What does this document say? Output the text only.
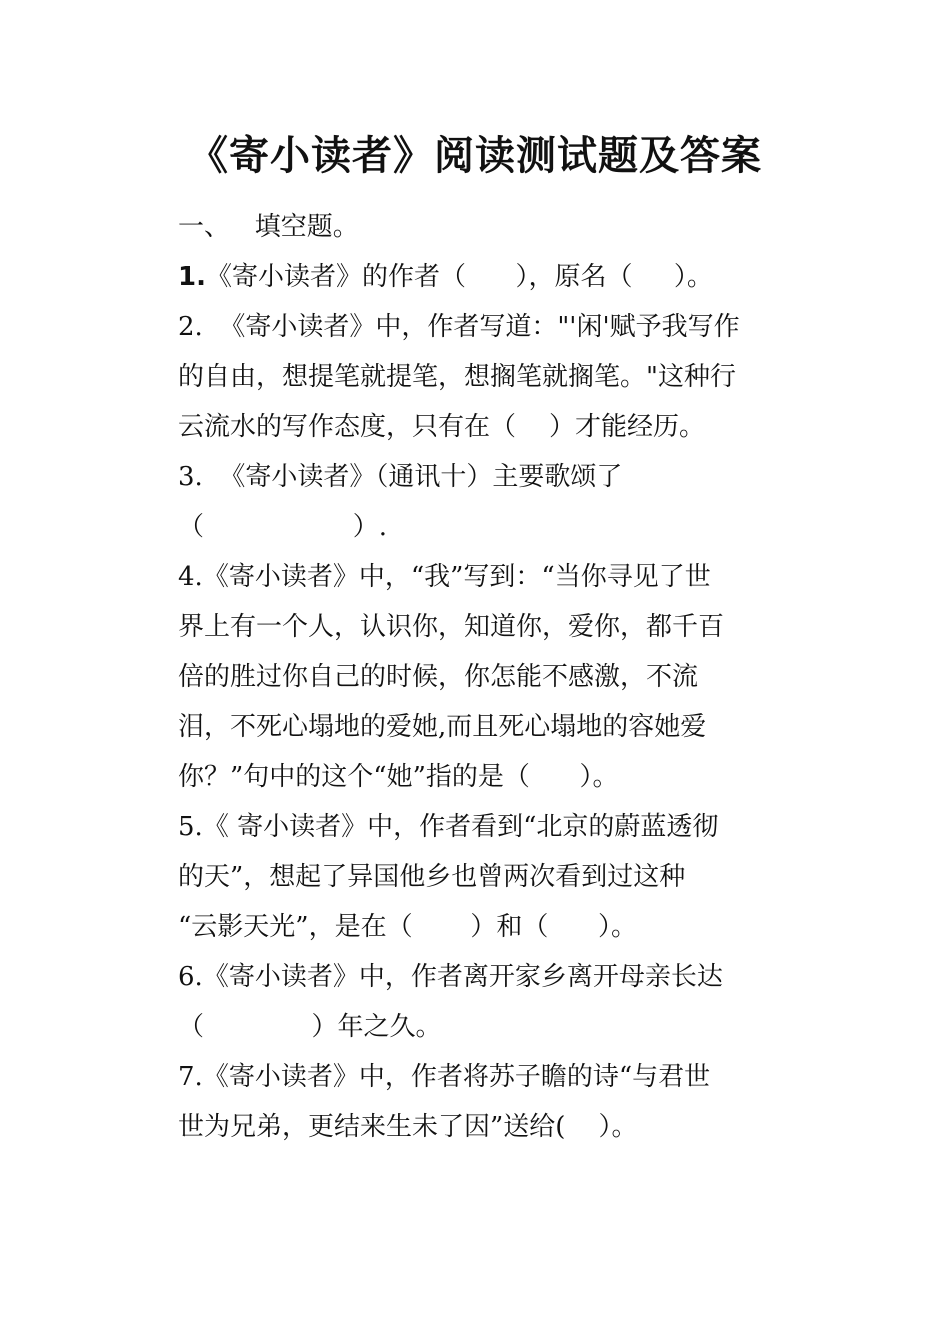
《寄小读者》阅读测试题及答案
一、   填空题。
1.《寄小读者》的作者（      ），原名（     ）。
2.  《寄小读者》中，作者写道："'闲'赋予我写作
的自由，想提笔就提笔，想搁笔就搁笔。"这种行
云流水的写作态度，只有在（    ）才能经历。
3.  《寄小读者》（通讯十）主要歌颂了
（                  ）.
4.《寄小读者》中，“我”写到：“当你寻见了世
界上有一个人，认识你，知道你，爱你，都千百
倍的胜过你自己的时候，你怎能不感激，不流
泪，不死心塌地的爱她,而且死心塌地的容她爱
你？”句中的这个“她”指的是（      ）。
5.《 寄小读者》中，作者看到“北京的蔚蓝透彻
的天”，想起了异国他乡也曾两次看到过这种
“云影天光”，是在（       ）和（      ）。
6.《寄小读者》中，作者离开家乡离开母亲长达
（             ）年之久。
7.《寄小读者》中，作者将苏子瞻的诗“与君世
世为兄弟，更结来生未了因”送给(    ）。
